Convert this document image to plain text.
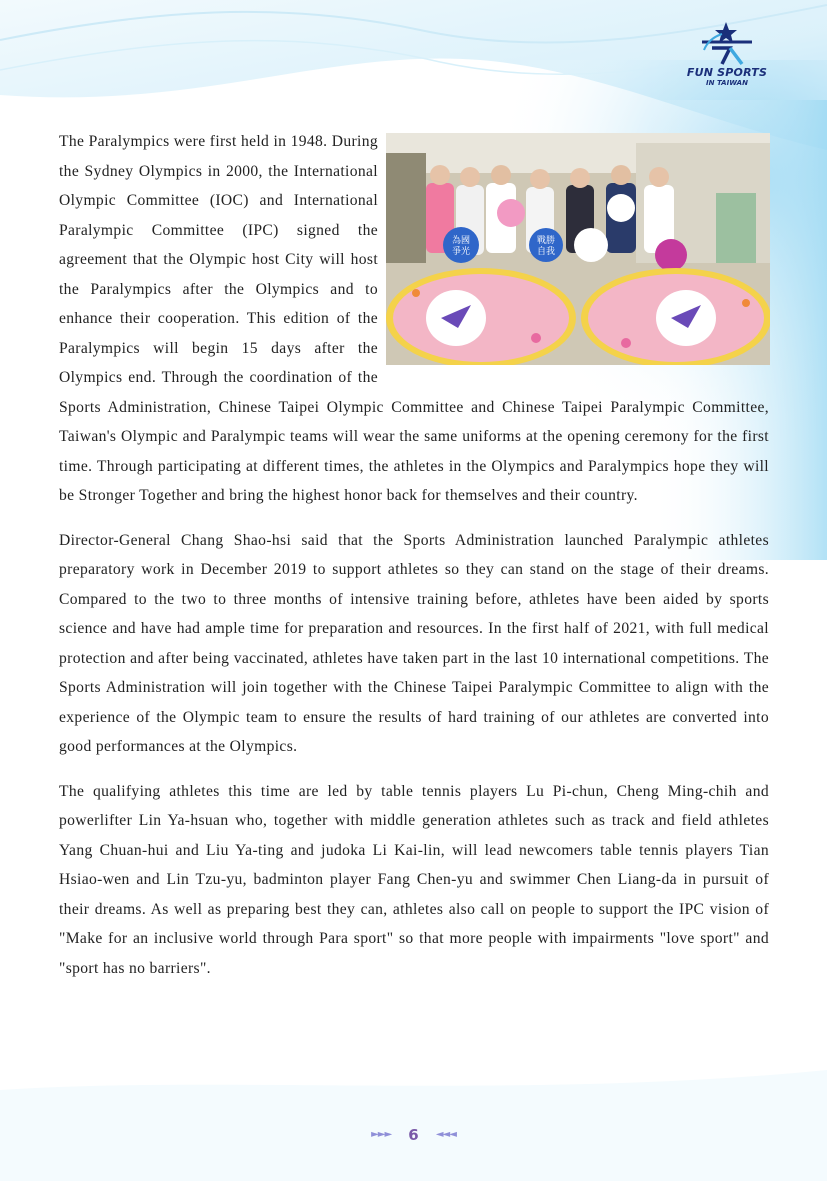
FUN SPORTS
IN TAIWAN
為國
爭光
戰勝
自我

The Paralympics were first held in 1948. During the Sydney Olympics in 2000, the International Olympic Committee (IOC) and International Paralympic Committee (IPC) signed the agreement that the Olympic host City will host the Paralympics after the Olympics and to enhance their cooperation. This edition of the Paralympics will begin 15 days after the Olympics end. Through the coordination of the Sports Administration, Chinese Taipei Olympic Committee and Chinese Taipei Paralympic Committee, Taiwan's Olympic and Paralympic teams will wear the same uniforms at the opening ceremony for the first time. Through participating at different times, the athletes in the Olympics and Paralympics hope they will be Stronger Together and bring the highest honor back for themselves and their country.

Director-General Chang Shao-hsi said that the Sports Administration launched Paralympic athletes preparatory work in December 2019 to support athletes so they can stand on the stage of their dreams. Compared to the two to three months of intensive training before, athletes have been aided by sports science and have had ample time for preparation and resources. In the first half of 2021, with full medical protection and after being vaccinated, athletes have taken part in the last 10 international competitions. The Sports Administration will join together with the Chinese Taipei Paralympic Committee to align with the experience of the Olympic team to ensure the results of hard training of our athletes are converted into good performances at the Olympics.

The qualifying athletes this time are led by table tennis players Lu Pi-chun, Cheng Ming-chih and powerlifter Lin Ya-hsuan who, together with middle generation athletes such as track and field athletes Yang Chuan-hui and Liu Ya-ting and judoka Li Kai-lin, will lead newcomers table tennis players Tian Hsiao-wen and Lin Tzu-yu, badminton player Fang Chen-yu and swimmer Chen Liang-da in pursuit of their dreams. As well as preparing best they can, athletes also call on people to support the IPC vision of "Make for an inclusive world through Para sport" so that more people with impairments "love sport" and "sport has no barriers".

►►► 6 ◄◄◄
